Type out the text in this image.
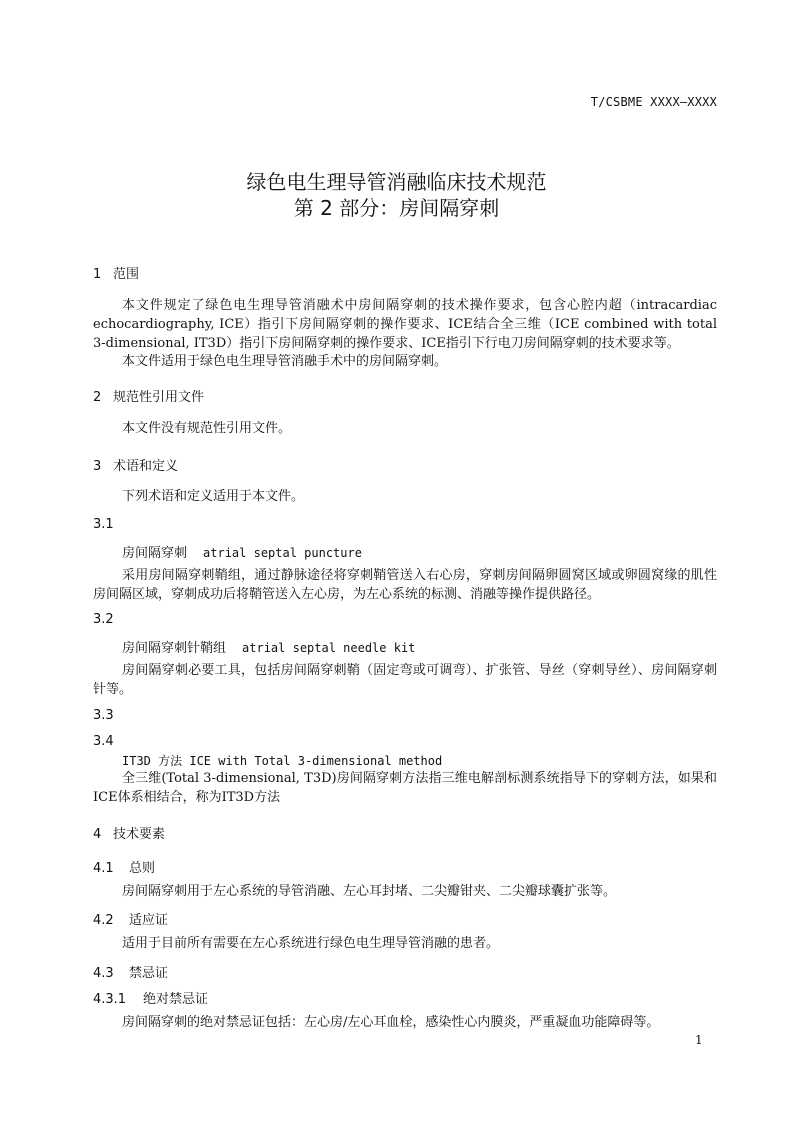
T/CSBME XXXX—XXXX
绿色电生理导管消融临床技术规范
第 2 部分：房间隔穿刺
1 范围
本文件规定了绿色电生理导管消融术中房间隔穿刺的技术操作要求，包含心腔内超（intracardiac echocardiography, ICE）指引下房间隔穿刺的操作要求、ICE结合全三维（ICE combined with total 3-dimensional, IT3D）指引下房间隔穿刺的操作要求、ICE指引下行电刀房间隔穿刺的技术要求等。
本文件适用于绿色电生理导管消融手术中的房间隔穿刺。
2 规范性引用文件
本文件没有规范性引用文件。
3 术语和定义
下列术语和定义适用于本文件。
3.1
房间隔穿刺 atrial septal puncture
采用房间隔穿刺鞘组，通过静脉途径将穿刺鞘管送入右心房，穿刺房间隔卵圆窝区域或卵圆窝缘的肌性房间隔区域，穿刺成功后将鞘管送入左心房，为左心系统的标测、消融等操作提供路径。
3.2
房间隔穿刺针鞘组 atrial septal needle kit
房间隔穿刺必要工具，包括房间隔穿刺鞘（固定弯或可调弯）、扩张管、导丝（穿刺导丝）、房间隔穿刺针等。
3.3
3.4
IT3D 方法 ICE with Total 3-dimensional method
全三维(Total 3-dimensional, T3D)房间隔穿刺方法指三维电解剖标测系统指导下的穿刺方法，如果和ICE体系相结合，称为IT3D方法
4 技术要素
4.1 总则
房间隔穿刺用于左心系统的导管消融、左心耳封堵、二尖瓣钳夹、二尖瓣球囊扩张等。
4.2 适应证
适用于目前所有需要在左心系统进行绿色电生理导管消融的患者。
4.3 禁忌证
4.3.1 绝对禁忌证
房间隔穿刺的绝对禁忌证包括：左心房/左心耳血栓，感染性心内膜炎，严重凝血功能障碍等。
1
